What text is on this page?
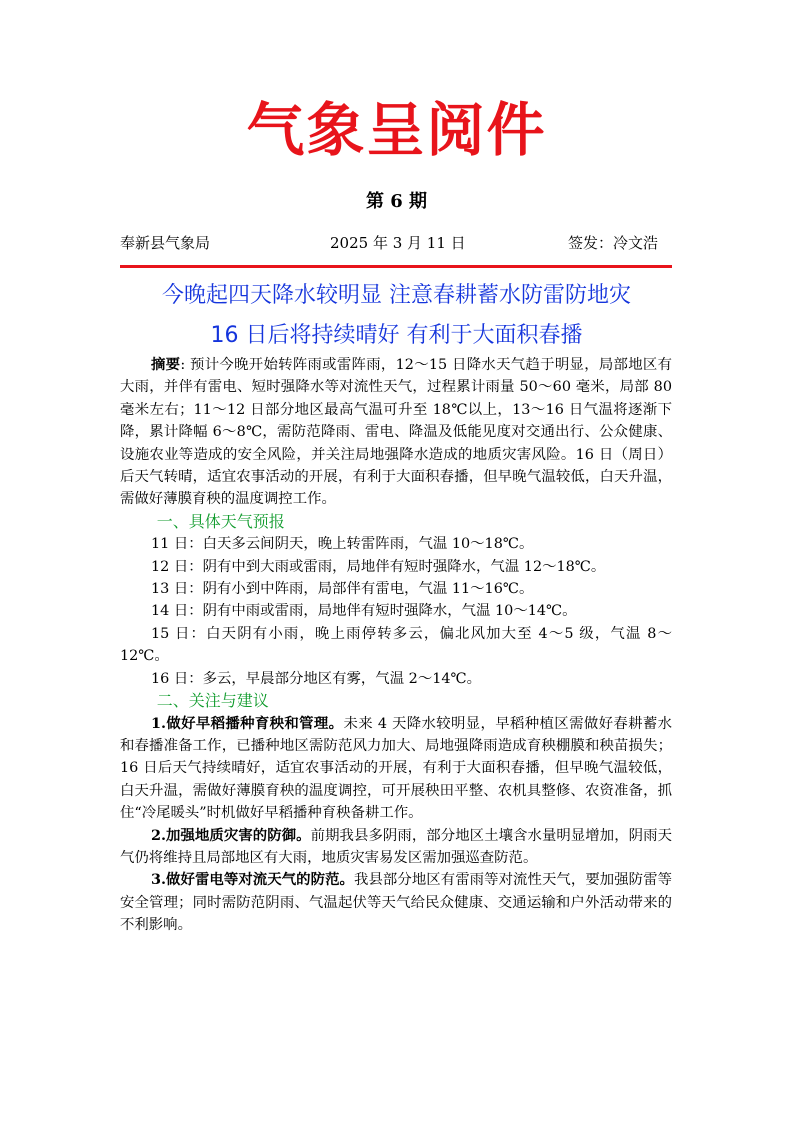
气象呈阅件
第 6 期
奉新县气象局	2025 年 3 月 11 日	签发：冷文浩
今晚起四天降水较明显 注意春耕蓄水防雷防地灾
16 日后将持续晴好 有利于大面积春播

摘要: 预计今晚开始转阵雨或雷阵雨，12～15 日降水天气趋于明显，局部地区有大雨，并伴有雷电、短时强降水等对流性天气，过程累计雨量 50～60 毫米，局部 80 毫米左右；11～12 日部分地区最高气温可升至 18℃以上，13～16 日气温将逐渐下降，累计降幅 6～8℃，需防范降雨、雷电、降温及低能见度对交通出行、公众健康、设施农业等造成的安全风险，并关注局地强降水造成的地质灾害风险。16 日（周日）后天气转晴，适宜农事活动的开展，有利于大面积春播，但早晚气温较低，白天升温，需做好薄膜育秧的温度调控工作。

一、具体天气预报

11 日：白天多云间阴天，晚上转雷阵雨，气温 10～18℃。

12 日：阴有中到大雨或雷雨，局地伴有短时强降水，气温 12～18℃。

13 日：阴有小到中阵雨，局部伴有雷电，气温 11～16℃。

14 日：阴有中雨或雷雨，局地伴有短时强降水，气温 10～14℃。

15 日：白天阴有小雨，晚上雨停转多云，偏北风加大至 4～5 级，气温 8～12℃。

16 日：多云，早晨部分地区有雾，气温 2～14℃。

二、关注与建议

1.做好早稻播种育秧和管理。未来 4 天降水较明显，早稻种植区需做好春耕蓄水和春播准备工作，已播种地区需防范风力加大、局地强降雨造成育秧棚膜和秧苗损失；16 日后天气持续晴好，适宜农事活动的开展，有利于大面积春播，但早晚气温较低，白天升温，需做好薄膜育秧的温度调控，可开展秧田平整、农机具整修、农资准备，抓住“冷尾暖头”时机做好早稻播种育秧备耕工作。

2.加强地质灾害的防御。前期我县多阴雨，部分地区土壤含水量明显增加，阴雨天气仍将维持且局部地区有大雨，地质灾害易发区需加强巡查防范。

3.做好雷电等对流天气的防范。我县部分地区有雷雨等对流性天气，要加强防雷等安全管理；同时需防范阴雨、气温起伏等天气给民众健康、交通运输和户外活动带来的不利影响。
